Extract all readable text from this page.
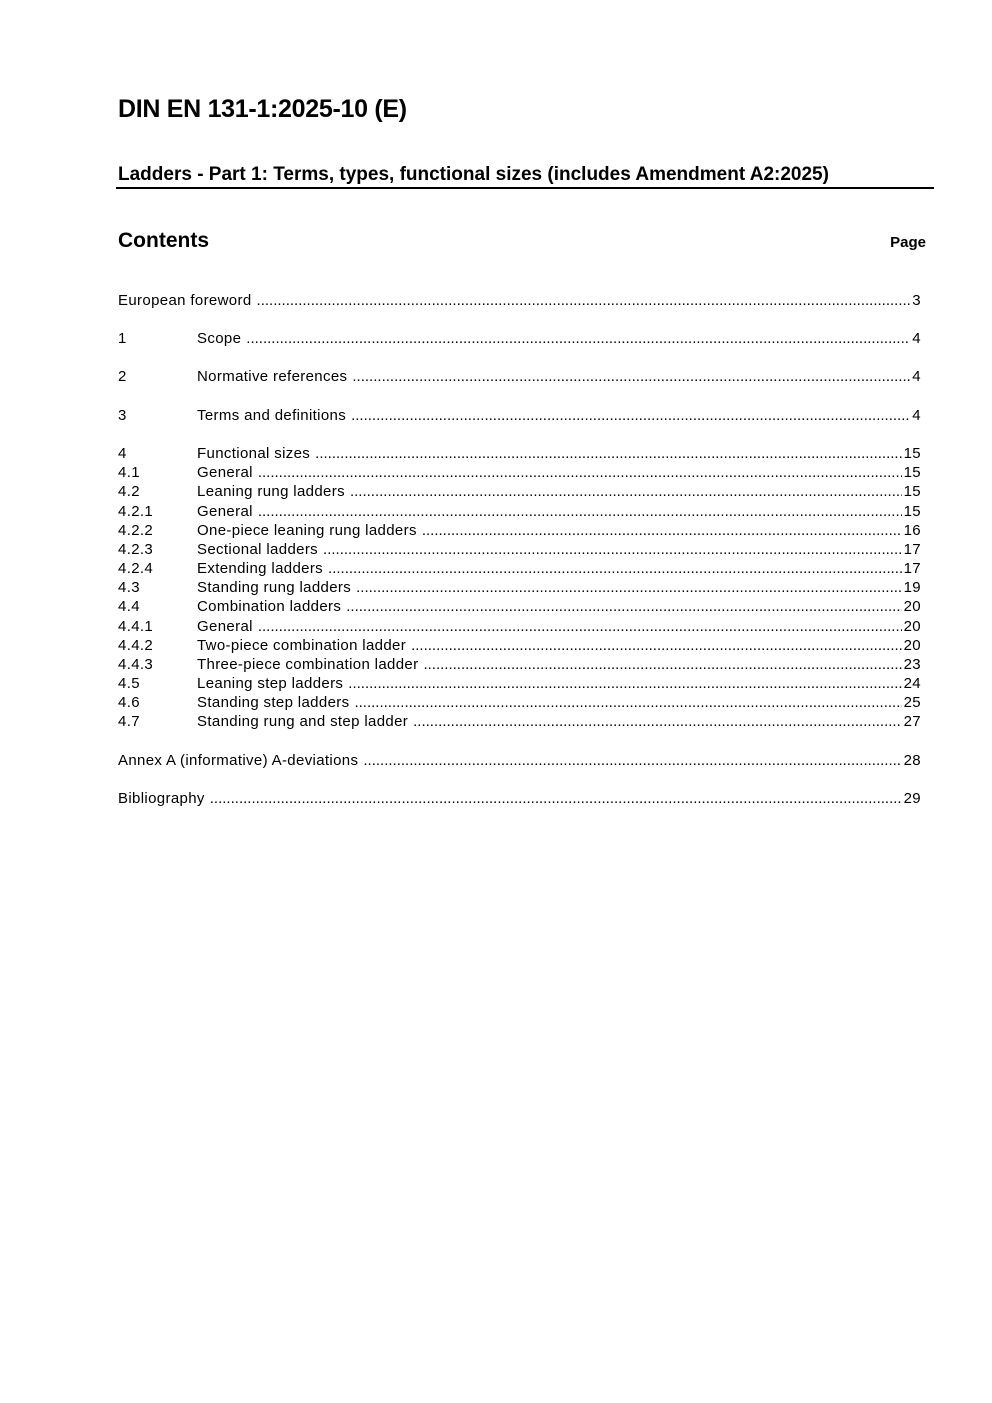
DIN EN 131-1:2025-10 (E)
Ladders - Part 1: Terms, types, functional sizes (includes Amendment A2:2025)
Contents	Page
European foreword .....	3
1	Scope .....	4
2	Normative references .....	4
3	Terms and definitions .....	4
4	Functional sizes .....	15
4.1	General .....	15
4.2	Leaning rung ladders .....	15
4.2.1	General .....	15
4.2.2	One-piece leaning rung ladders .....	16
4.2.3	Sectional ladders .....	17
4.2.4	Extending ladders .....	17
4.3	Standing rung ladders .....	19
4.4	Combination ladders .....	20
4.4.1	General .....	20
4.4.2	Two-piece combination ladder .....	20
4.4.3	Three-piece combination ladder .....	23
4.5	Leaning step ladders .....	24
4.6	Standing step ladders .....	25
4.7	Standing rung and step ladder .....	27
Annex A (informative) A-deviations .....	28
Bibliography .....	29
